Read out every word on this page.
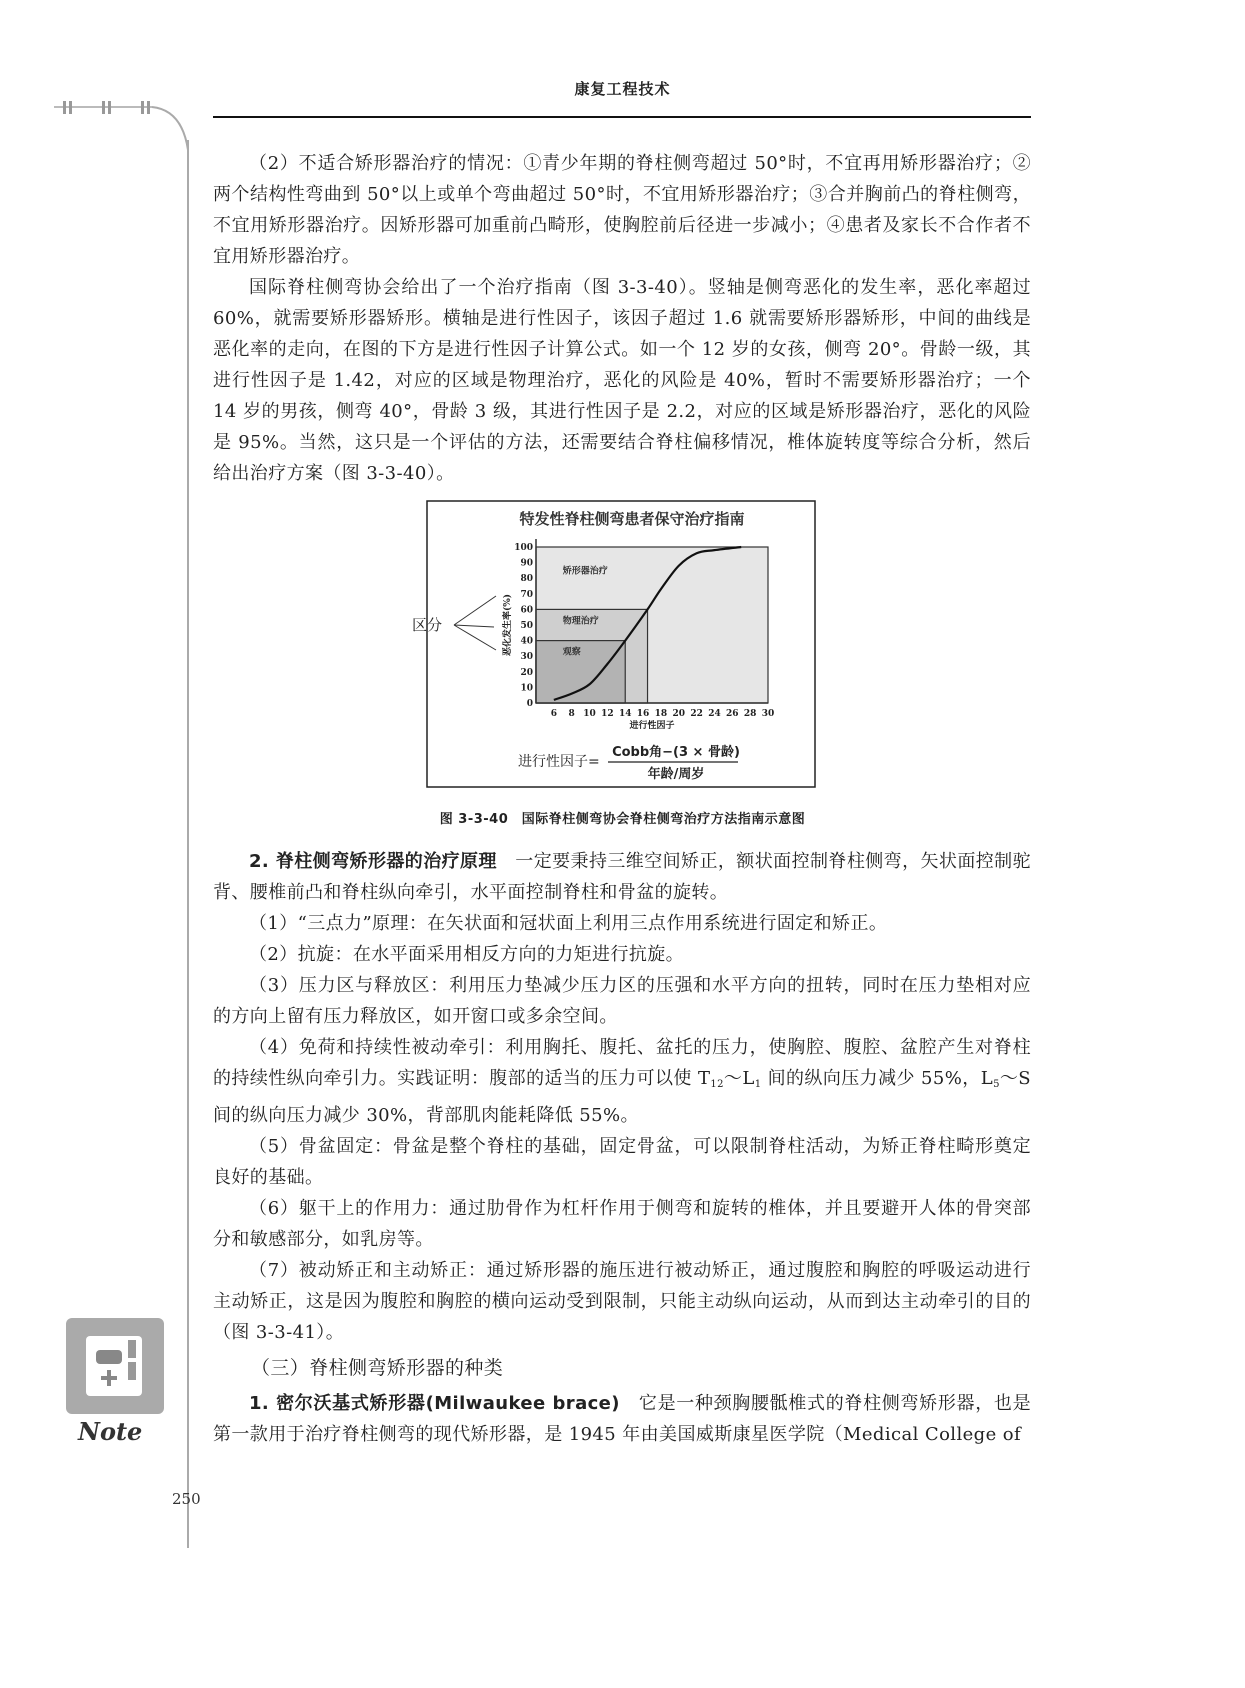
康复工程技术

（2）不适合矫形器治疗的情况：①青少年期的脊柱侧弯超过 50°时，不宜再用矫形器治疗；②两个结构性弯曲到 50°以上或单个弯曲超过 50°时，不宜用矫形器治疗；③合并胸前凸的脊柱侧弯，不宜用矫形器治疗。因矫形器可加重前凸畸形，使胸腔前后径进一步减小；④患者及家长不合作者不宜用矫形器治疗。

国际脊柱侧弯协会给出了一个治疗指南（图 3-3-40）。竖轴是侧弯恶化的发生率，恶化率超过 60%，就需要矫形器矫形。横轴是进行性因子，该因子超过 1.6 就需要矫形器矫形，中间的曲线是恶化率的走向，在图的下方是进行性因子计算公式。如一个 12 岁的女孩，侧弯 20°。骨龄一级，其进行性因子是 1.42，对应的区域是物理治疗，恶化的风险是 40%，暂时不需要矫形器治疗；一个 14 岁的男孩，侧弯 40°，骨龄 3 级，其进行性因子是 2.2，对应的区域是矫形器治疗，恶化的风险是 95%。当然，这只是一个评估的方法，还需要结合脊柱偏移情况，椎体旋转度等综合分析，然后给出治疗方案（图 3-3-40）。

特发性脊柱侧弯患者保守治疗指南
矫形器治疗
物理治疗
观察
0
10
20
30
40
50
60
70
80
90
100
6 8 10 12 14 16 18 20 22 24 26 28 30
进行性因子
恶化发生率(%)
区分
进行性因子=
Cobb角−(3 × 骨龄)
年龄/周岁
图 3-3-40　国际脊柱侧弯协会脊柱侧弯治疗方法指南示意图

2. 脊柱侧弯矫形器的治疗原理　一定要秉持三维空间矫正，额状面控制脊柱侧弯，矢状面控制驼背、腰椎前凸和脊柱纵向牵引，水平面控制脊柱和骨盆的旋转。

（1）“三点力”原理：在矢状面和冠状面上利用三点作用系统进行固定和矫正。

（2）抗旋：在水平面采用相反方向的力矩进行抗旋。

（3）压力区与释放区：利用压力垫减少压力区的压强和水平方向的扭转，同时在压力垫相对应的方向上留有压力释放区，如开窗口或多余空间。

（4）免荷和持续性被动牵引：利用胸托、腹托、盆托的压力，使胸腔、腹腔、盆腔产生对脊柱的持续性纵向牵引力。实践证明：腹部的适当的压力可以使 $T_{12}\sim L_1$ 间的纵向压力减少 55%，$L_5\sim S$ 间的纵向压力减少 30%，背部肌肉能耗降低 55%。

（5）骨盆固定：骨盆是整个脊柱的基础，固定骨盆，可以限制脊柱活动，为矫正脊柱畸形奠定良好的基础。

（6）躯干上的作用力：通过肋骨作为杠杆作用于侧弯和旋转的椎体，并且要避开人体的骨突部分和敏感部分，如乳房等。

（7）被动矫正和主动矫正：通过矫形器的施压进行被动矫正，通过腹腔和胸腔的呼吸运动进行主动矫正，这是因为腹腔和胸腔的横向运动受到限制，只能主动纵向运动，从而到达主动牵引的目的（图 3-3-41）。

（三）脊柱侧弯矫形器的种类

1. 密尔沃基式矫形器(Milwaukee brace)　它是一种颈胸腰骶椎式的脊柱侧弯矫形器，也是第一款用于治疗脊柱侧弯的现代矫形器，是 1945 年由美国威斯康星医学院（Medical College of

Note
250
